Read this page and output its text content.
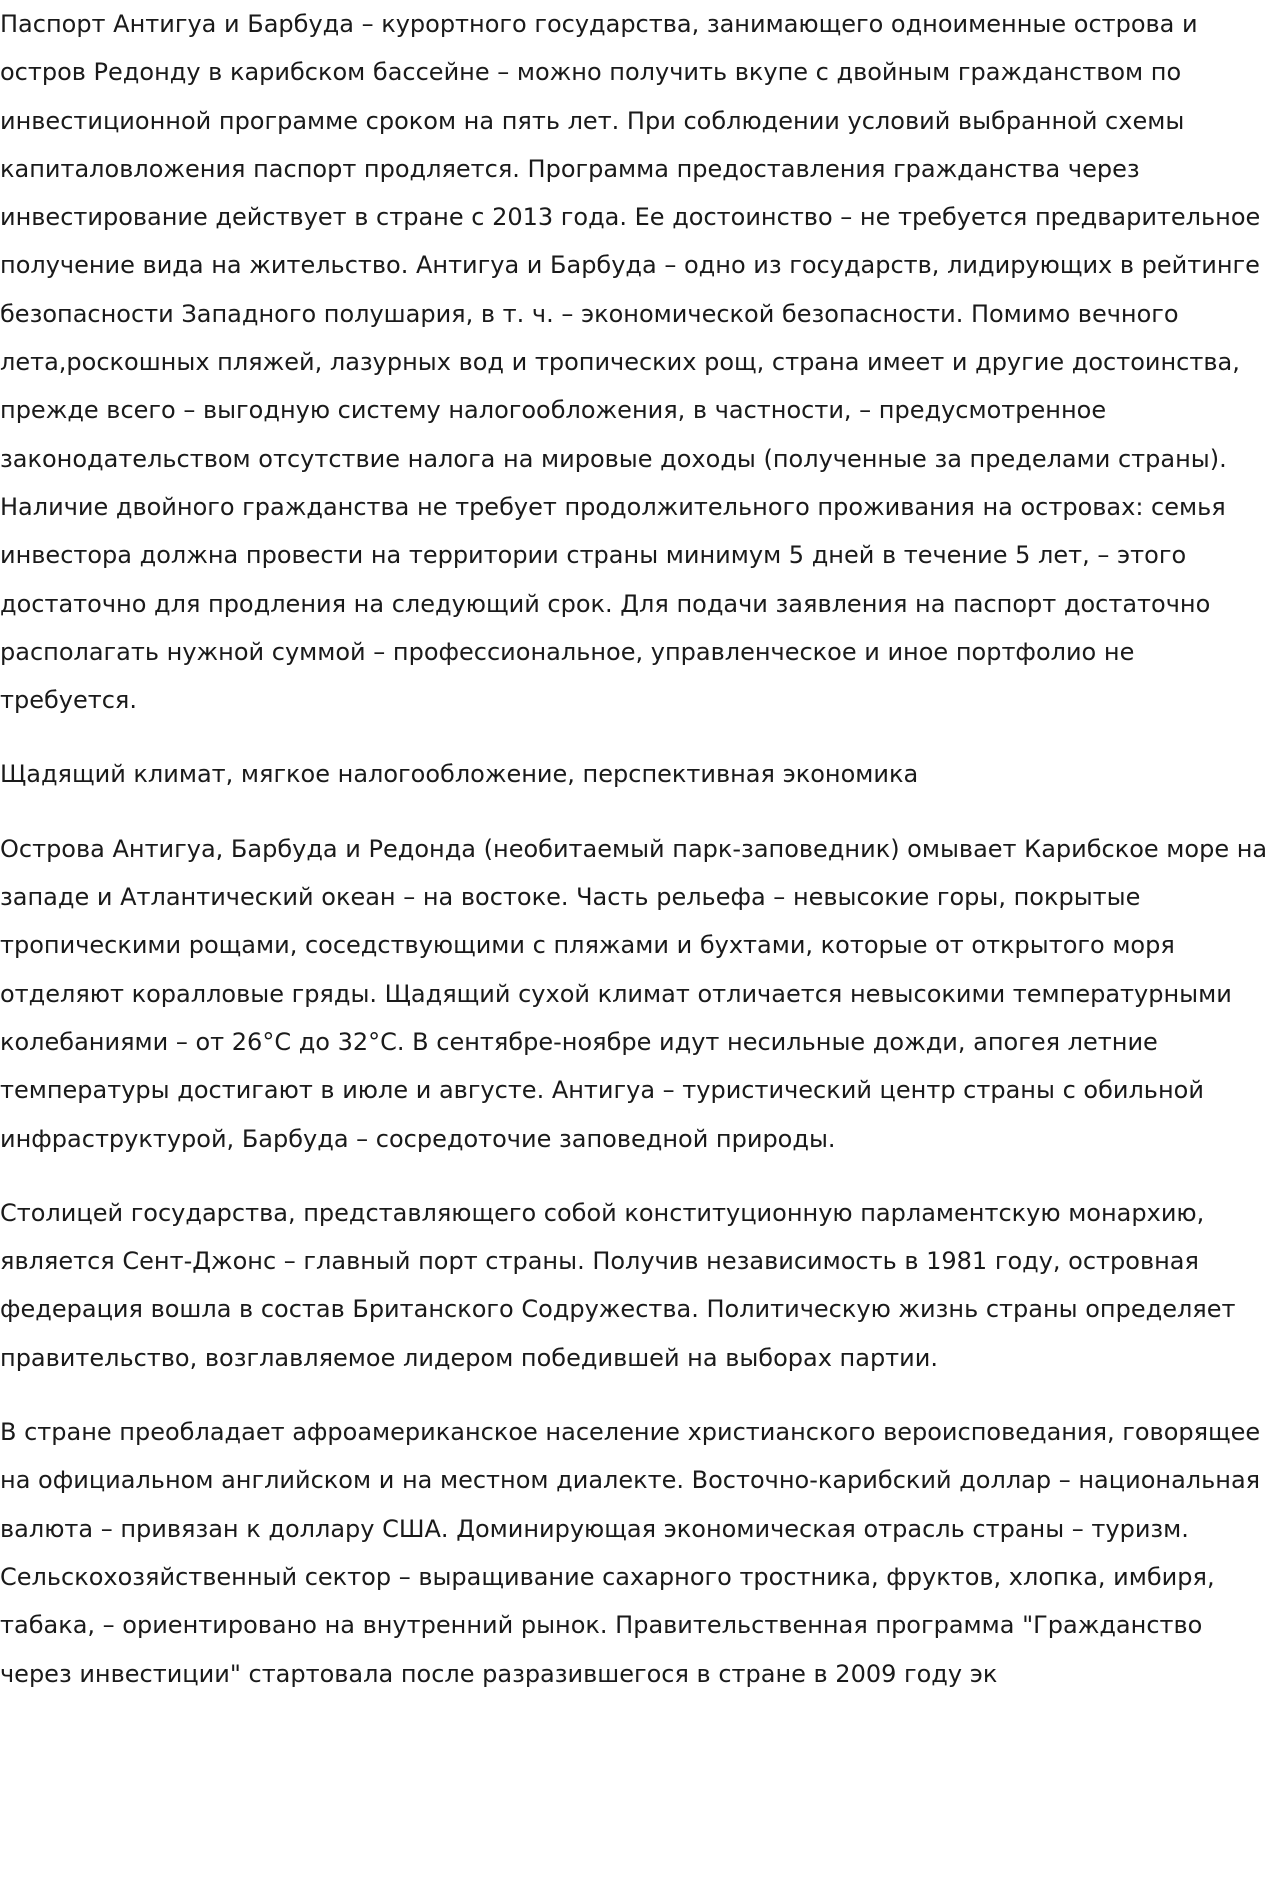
Паспорт Антигуа и Барбуда – курортного государства, занимающего одноименные острова и остров Редонду в карибском бассейне – можно получить вкупе с двойным гражданством по инвестиционной программе сроком на пять лет. При соблюдении условий выбранной схемы капиталовложения паспорт продляется. Программа предоставления гражданства через инвестирование действует в стране с 2013 года. Ее достоинство – не требуется предварительное получение вида на жительство. Антигуа и Барбуда – одно из государств, лидирующих в рейтинге безопасности Западного полушария, в т. ч. – экономической безопасности. Помимо вечного лета,роскошных пляжей, лазурных вод и тропических рощ, страна имеет и другие достоинства, прежде всего – выгодную систему налогообложения, в частности, – предусмотренное законодательством отсутствие налога на мировые доходы (полученные за пределами страны). Наличие двойного гражданства не требует продолжительного проживания на островах: семья инвестора должна провести на территории страны минимум 5 дней в течение 5 лет, – этого достаточно для продления на следующий срок. Для подачи заявления на паспорт достаточно располагать нужной суммой – профессиональное, управленческое и иное портфолио не требуется.

Щадящий климат, мягкое налогообложение, перспективная экономика

Острова Антигуа, Барбуда и Редонда (необитаемый парк-заповедник) омывает Карибское море на западе и Атлантический океан – на востоке. Часть рельефа – невысокие горы, покрытые тропическими рощами, соседствующими с пляжами и бухтами, которые от открытого моря отделяют коралловые гряды. Щадящий сухой климат отличается невысокими температурными колебаниями – от 26°С до 32°С. В сентябре-ноябре идут несильные дожди, апогея летние температуры достигают в июле и августе. Антигуа – туристический центр страны с обильной инфраструктурой, Барбуда – сосредоточие заповедной природы.

Столицей государства, представляющего собой конституционную парламентскую монархию, является Сент-Джонс – главный порт страны. Получив независимость в 1981 году, островная федерация вошла в состав Британского Содружества. Политическую жизнь страны определяет правительство, возглавляемое лидером победившей на выборах партии.

В стране преобладает афроамериканское население христианского вероисповедания, говорящее на официальном английском и на местном диалекте. Восточно-карибский доллар – национальная валюта – привязан к доллару США. Доминирующая экономическая отрасль страны – туризм. Сельскохозяйственный сектор – выращивание сахарного тростника, фруктов, хлопка, имбиря, табака, – ориентировано на внутренний рынок. Правительственная программа "Гражданство через инвестиции" стартовала после разразившегося в стране в 2009 году эк
